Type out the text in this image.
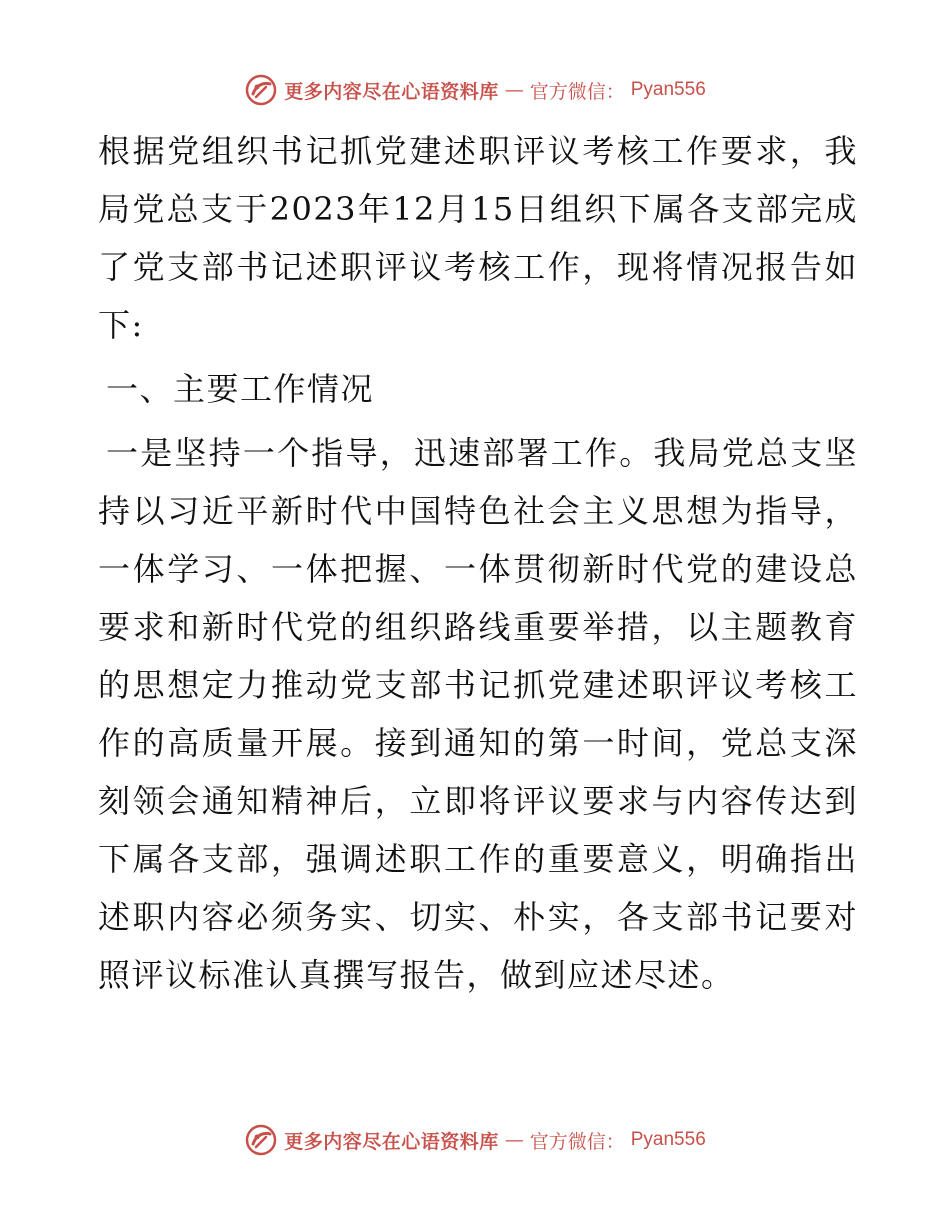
更多内容尽在心语资料库 — 官方微信： Pyan556

根据党组织书记抓党建述职评议考核工作要求，我局党总支于2023年12月15日组织下属各支部完成了党支部书记述职评议考核工作，现将情况报告如下:

一、主要工作情况

一是坚持一个指导，迅速部署工作。我局党总支坚持以习近平新时代中国特色社会主义思想为指导，一体学习、一体把握、一体贯彻新时代党的建设总要求和新时代党的组织路线重要举措，以主题教育的思想定力推动党支部书记抓党建述职评议考核工作的高质量开展。接到通知的第一时间，党总支深刻领会通知精神后，立即将评议要求与内容传达到下属各支部，强调述职工作的重要意义，明确指出述职内容必须务实、切实、朴实，各支部书记要对照评议标准认真撰写报告，做到应述尽述。

更多内容尽在心语资料库 — 官方微信： Pyan556
